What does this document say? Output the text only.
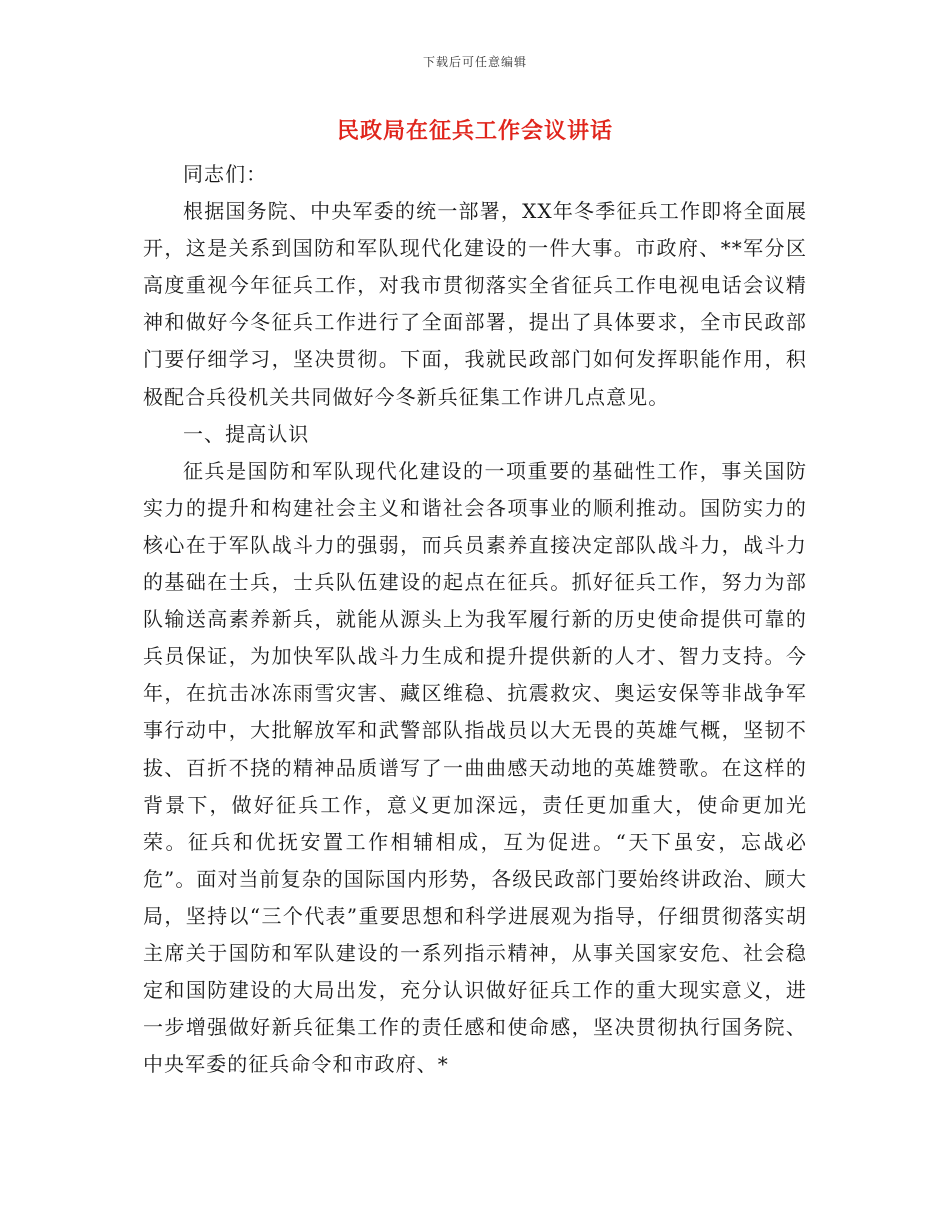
下载后可任意编辑
民政局在征兵工作会议讲话

同志们：

根据国务院、中央军委的统一部署，XX年冬季征兵工作即将全面展开，这是关系到国防和军队现代化建设的一件大事。市政府、**军分区高度重视今年征兵工作，对我市贯彻落实全省征兵工作电视电话会议精神和做好今冬征兵工作进行了全面部署，提出了具体要求，全市民政部门要仔细学习，坚决贯彻。下面，我就民政部门如何发挥职能作用，积极配合兵役机关共同做好今冬新兵征集工作讲几点意见。

一、提高认识

征兵是国防和军队现代化建设的一项重要的基础性工作，事关国防实力的提升和构建社会主义和谐社会各项事业的顺利推动。国防实力的核心在于军队战斗力的强弱，而兵员素养直接决定部队战斗力，战斗力的基础在士兵，士兵队伍建设的起点在征兵。抓好征兵工作，努力为部队输送高素养新兵，就能从源头上为我军履行新的历史使命提供可靠的兵员保证，为加快军队战斗力生成和提升提供新的人才、智力支持。今年，在抗击冰冻雨雪灾害、藏区维稳、抗震救灾、奥运安保等非战争军事行动中，大批解放军和武警部队指战员以大无畏的英雄气概，坚韧不拔、百折不挠的精神品质谱写了一曲曲感天动地的英雄赞歌。在这样的背景下，做好征兵工作，意义更加深远，责任更加重大，使命更加光荣。征兵和优抚安置工作相辅相成，互为促进。“天下虽安，忘战必危”。面对当前复杂的国际国内形势，各级民政部门要始终讲政治、顾大局，坚持以“三个代表”重要思想和科学进展观为指导，仔细贯彻落实胡主席关于国防和军队建设的一系列指示精神，从事关国家安危、社会稳定和国防建设的大局出发，充分认识做好征兵工作的重大现实意义，进一步增强做好新兵征集工作的责任感和使命感，坚决贯彻执行国务院、中央军委的征兵命令和市政府、*
